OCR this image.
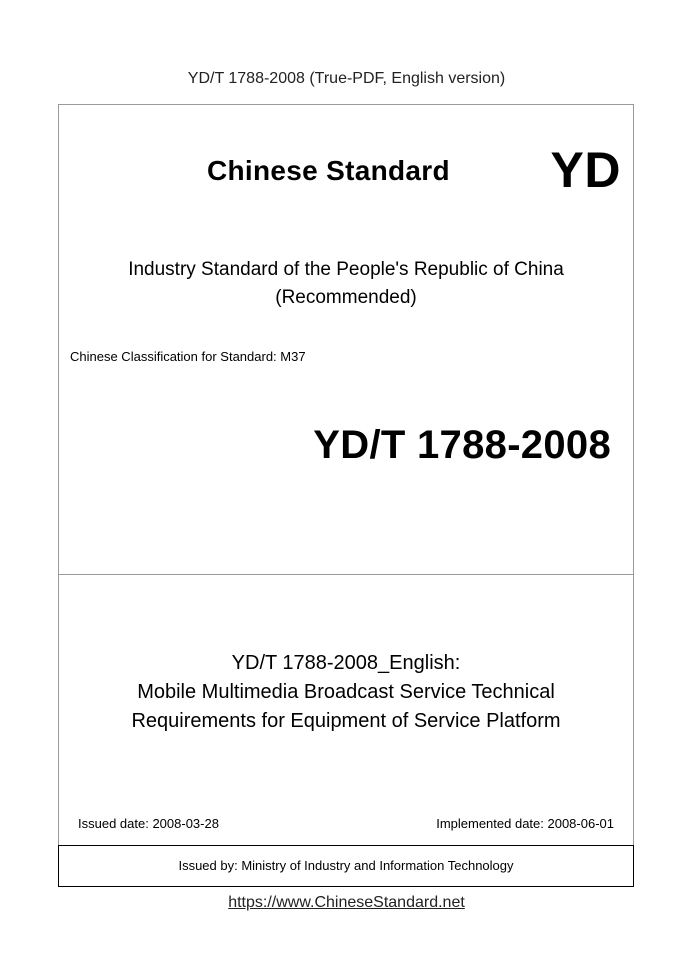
YD/T 1788-2008 (True-PDF, English version)
Chinese Standard YD
Industry Standard of the People's Republic of China
(Recommended)
Chinese Classification for Standard: M37
YD/T 1788-2008
YD/T 1788-2008_English:
Mobile Multimedia Broadcast Service Technical
Requirements for Equipment of Service Platform
Issued date: 2008-03-28	Implemented date: 2008-06-01
Issued by: Ministry of Industry and Information Technology
https://www.ChineseStandard.net
